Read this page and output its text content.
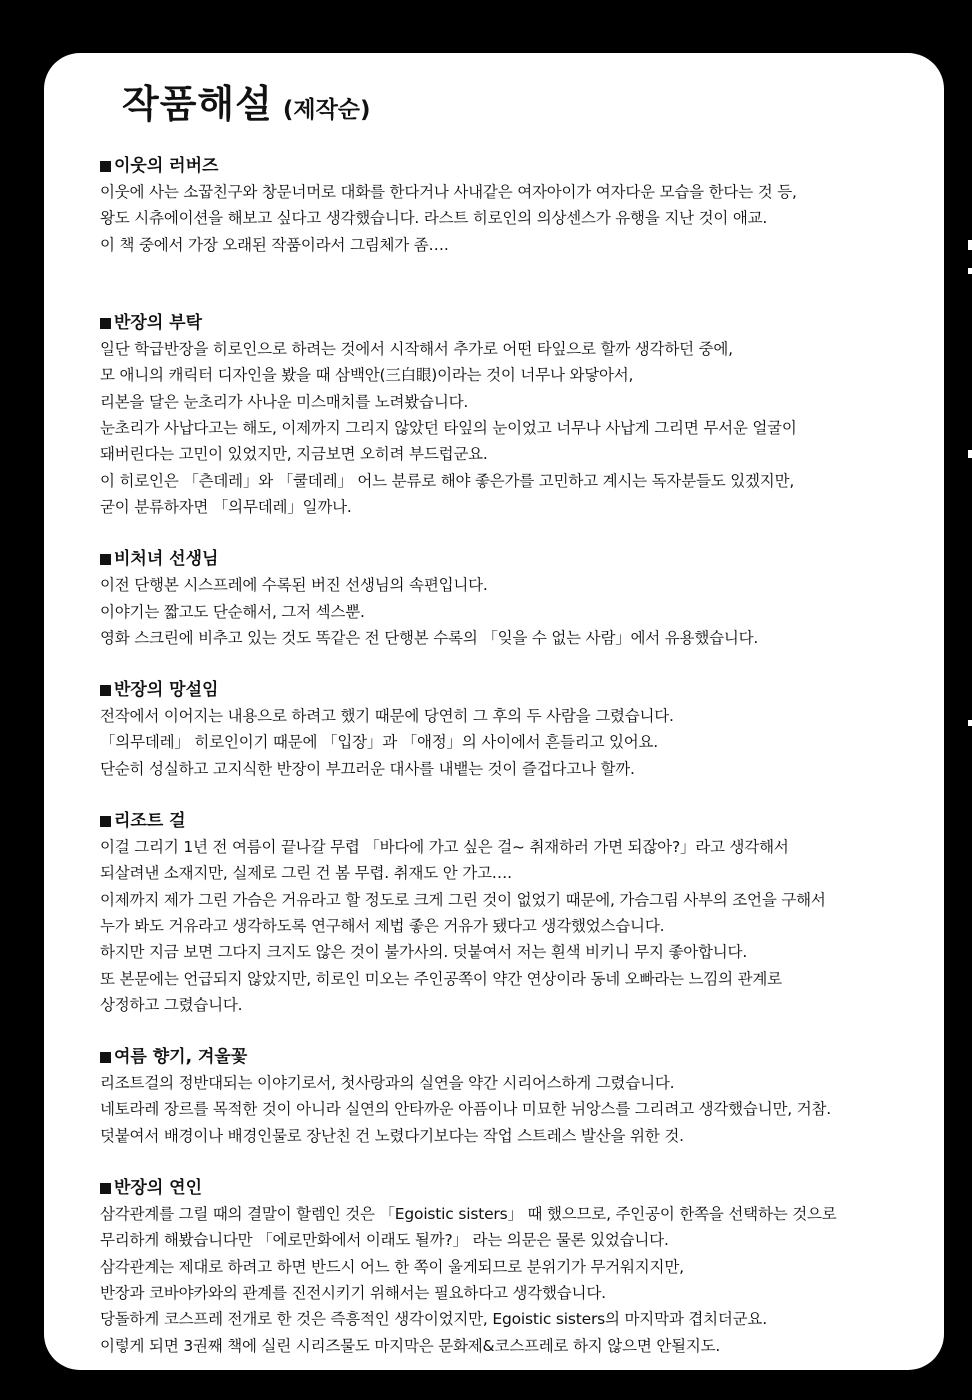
작품해설 (제작순)
이웃의 러버즈
이웃에 사는 소꿉친구와 창문너머로 대화를 한다거나 사내같은 여자아이가 여자다운 모습을 한다는 것 등,
왕도 시츄에이션을 해보고 싶다고 생각했습니다. 라스트 히로인의 의상센스가 유행을 지난 것이 애교.
이 책 중에서 가장 오래된 작품이라서 그림체가 좀….
반장의 부탁
일단 학급반장을 히로인으로 하려는 것에서 시작해서 추가로 어떤 타잎으로 할까 생각하던 중에,
모 애니의 캐릭터 디자인을 봤을 때 삼백안(三白眼)이라는 것이 너무나 와닿아서,
리본을 달은 눈초리가 사나운 미스매치를 노려봤습니다.
눈초리가 사납다고는 해도, 이제까지 그리지 않았던 타잎의 눈이었고 너무나 사납게 그리면 무서운 얼굴이
돼버린다는 고민이 있었지만, 지금보면 오히려 부드럽군요.
이 히로인은 「츤데레」와 「쿨데레」 어느 분류로 해야 좋은가를 고민하고 계시는 독자분들도 있겠지만,
굳이 분류하자면 「의무데레」일까나.
비처녀 선생님
이전 단행본 시스프레에 수록된 버진 선생님의 속편입니다.
이야기는 짧고도 단순해서, 그저 섹스뿐.
영화 스크린에 비추고 있는 것도 똑같은 전 단행본 수록의 「잊을 수 없는 사람」에서 유용했습니다.
반장의 망설임
전작에서 이어지는 내용으로 하려고 했기 때문에 당연히 그 후의 두 사람을 그렸습니다.
「의무데레」 히로인이기 때문에 「입장」과 「애정」의 사이에서 흔들리고 있어요.
단순히 성실하고 고지식한 반장이 부끄러운 대사를 내뱉는 것이 즐겁다고나 할까.
리조트 걸
이걸 그리기 1년 전 여름이 끝나갈 무렵 「바다에 가고 싶은 걸~ 취재하러 가면 되잖아?」라고 생각해서
되살려낸 소재지만, 실제로 그린 건 봄 무렵. 취재도 안 가고….
이제까지 제가 그린 가슴은 거유라고 할 정도로 크게 그린 것이 없었기 때문에, 가슴그림 사부의 조언을 구해서
누가 봐도 거유라고 생각하도록 연구해서 제법 좋은 거유가 됐다고 생각했었스습니다.
하지만 지금 보면 그다지 크지도 않은 것이 불가사의. 덧붙여서 저는 흰색 비키니 무지 좋아합니다.
또 본문에는 언급되지 않았지만, 히로인 미오는 주인공쪽이 약간 연상이라 동네 오빠라는 느낌의 관계로
상정하고 그렸습니다.
여름 향기, 겨울꽃
리조트걸의 정반대되는 이야기로서, 첫사랑과의 실연을 약간 시리어스하게 그렸습니다.
네토라레 장르를 목적한 것이 아니라 실연의 안타까운 아픔이나 미묘한 뉘앙스를 그리려고 생각했습니만, 거참.
덧붙여서 배경이나 배경인물로 장난친 건 노렸다기보다는 작업 스트레스 발산을 위한 것.
반장의 연인
삼각관계를 그릴 때의 결말이 할렘인 것은 「Egoistic sisters」 때 했으므로, 주인공이 한쪽을 선택하는 것으로
무리하게 해봤습니다만 「에로만화에서 이래도 될까?」 라는 의문은 물론 있었습니다.
삼각관계는 제대로 하려고 하면 반드시 어느 한 쪽이 울게되므로 분위기가 무거워지지만,
반장과 코바야카와의 관계를 진전시키기 위해서는 필요하다고 생각했습니다.
당돌하게 코스프레 전개로 한 것은 즉흥적인 생각이었지만, Egoistic sisters의 마지막과 겹치더군요.
이렇게 되면 3권째 책에 실린 시리즈물도 마지막은 문화제&코스프레로 하지 않으면 안될지도.
